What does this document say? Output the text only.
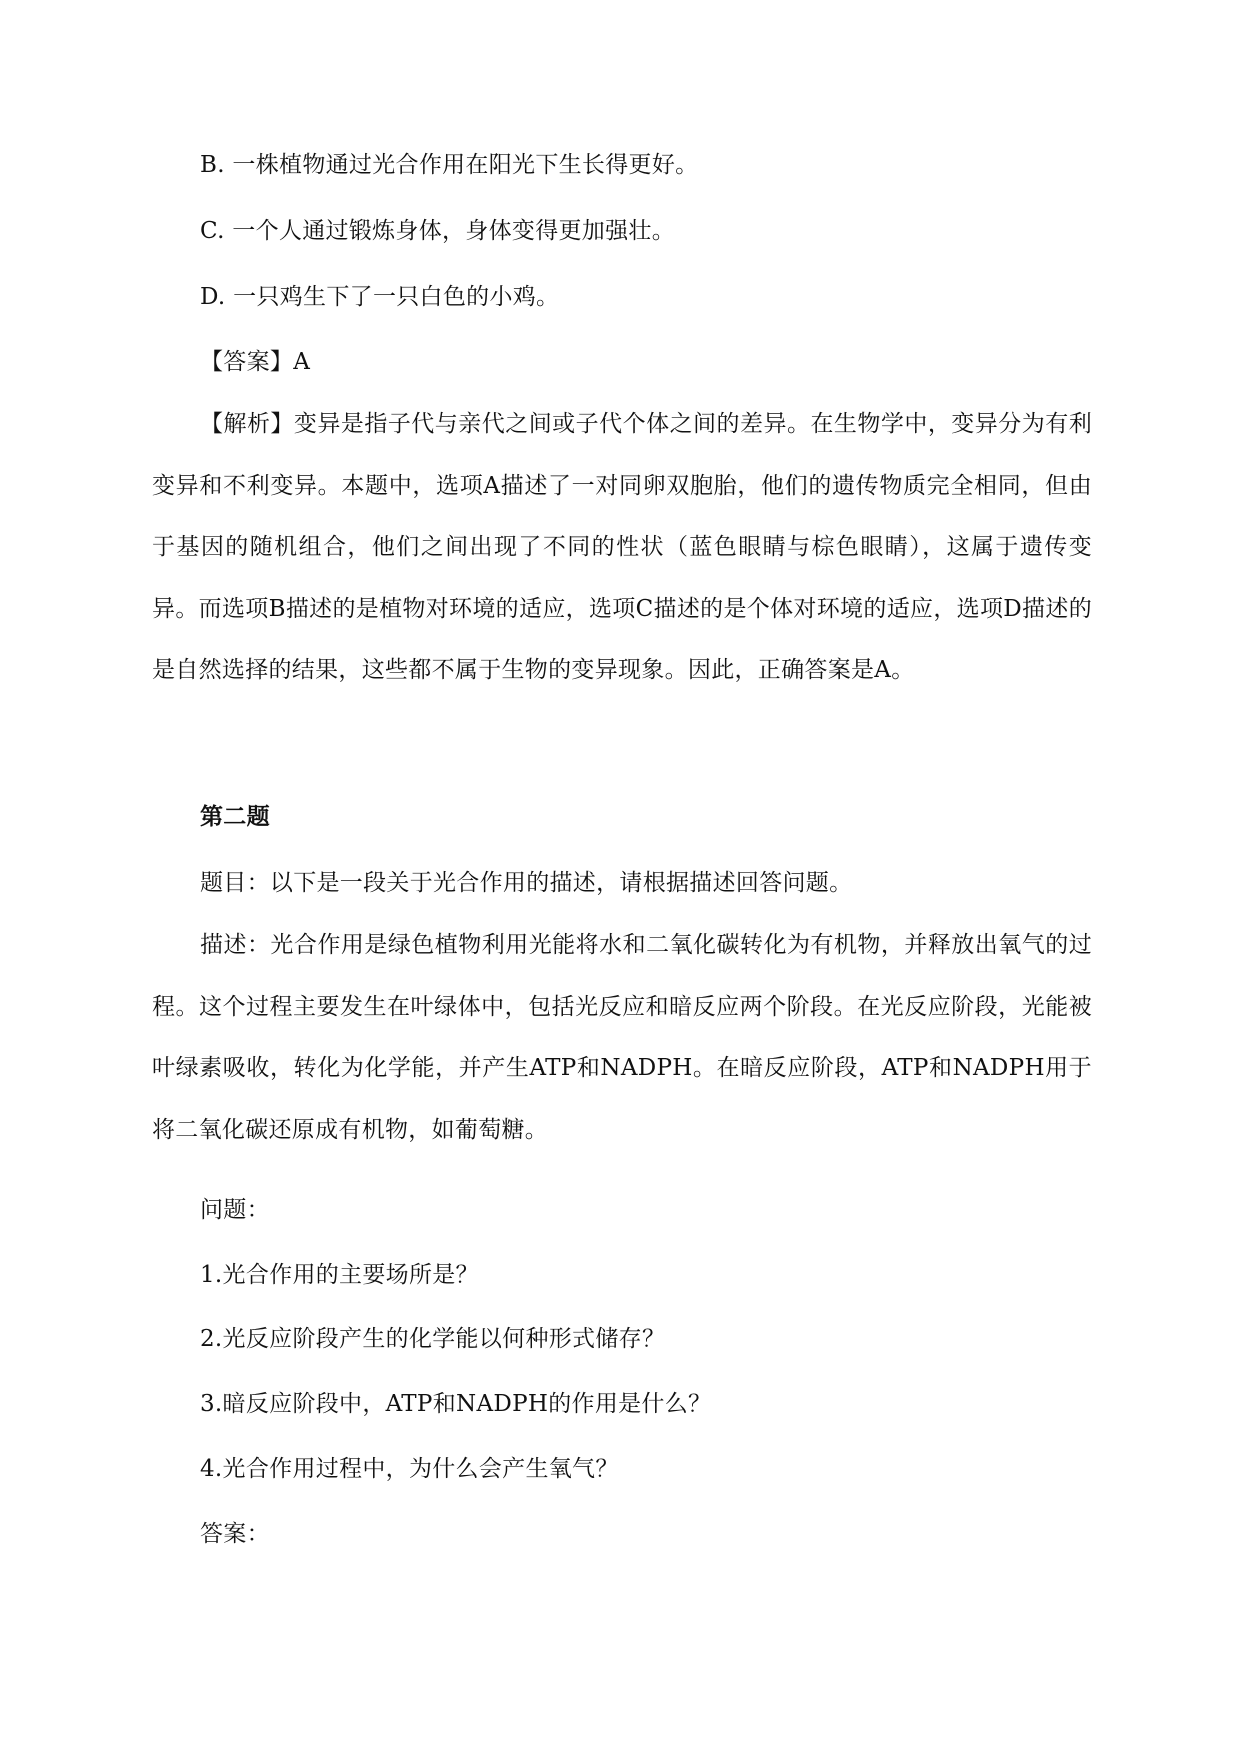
B. 一株植物通过光合作用在阳光下生长得更好。
C. 一个人通过锻炼身体，身体变得更加强壮。
D. 一只鸡生下了一只白色的小鸡。
【答案】A
【解析】变异是指子代与亲代之间或子代个体之间的差异。在生物学中，变异分为有利变异和不利变异。本题中，选项A描述了一对同卵双胞胎，他们的遗传物质完全相同，但由于基因的随机组合，他们之间出现了不同的性状（蓝色眼睛与棕色眼睛），这属于遗传变异。而选项B描述的是植物对环境的适应，选项C描述的是个体对环境的适应，选项D描述的是自然选择的结果，这些都不属于生物的变异现象。因此，正确答案是A。
第二题
题目：以下是一段关于光合作用的描述，请根据描述回答问题。
描述：光合作用是绿色植物利用光能将水和二氧化碳转化为有机物，并释放出氧气的过程。这个过程主要发生在叶绿体中，包括光反应和暗反应两个阶段。在光反应阶段，光能被叶绿素吸收，转化为化学能，并产生ATP和NADPH。在暗反应阶段，ATP和NADPH用于将二氧化碳还原成有机物，如葡萄糖。
问题：
1.光合作用的主要场所是？
2.光反应阶段产生的化学能以何种形式储存？
3.暗反应阶段中，ATP和NADPH的作用是什么？
4.光合作用过程中，为什么会产生氧气？
答案：
